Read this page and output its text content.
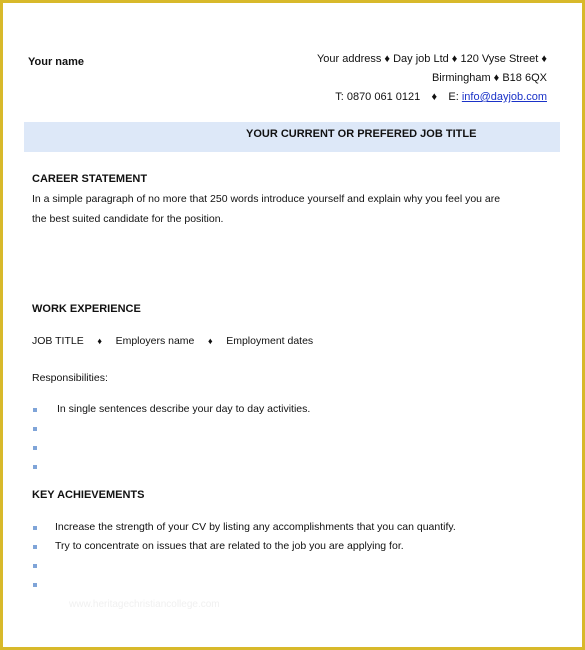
Your name	Your address ♦ Day job Ltd ♦ 120 Vyse Street ♦
Birmingham ♦ B18 6QX
T: 0870 061 0121 ♦ E: info@dayjob.com
YOUR CURRENT OR PREFERED JOB TITLE
CAREER STATEMENT
In a simple paragraph of no more that 250 words introduce yourself and explain why you feel you are
the best suited candidate for the position.
WORK EXPERIENCE
JOB TITLE ♦ Employers name ♦ Employment dates
Responsibilities:
In single sentences describe your day to day activities.
KEY ACHIEVEMENTS
Increase the strength of your CV by listing any accomplishments that you can quantify.
Try to concentrate on issues that are related to the job you are applying for.
www.heritagechristiancollege.com
